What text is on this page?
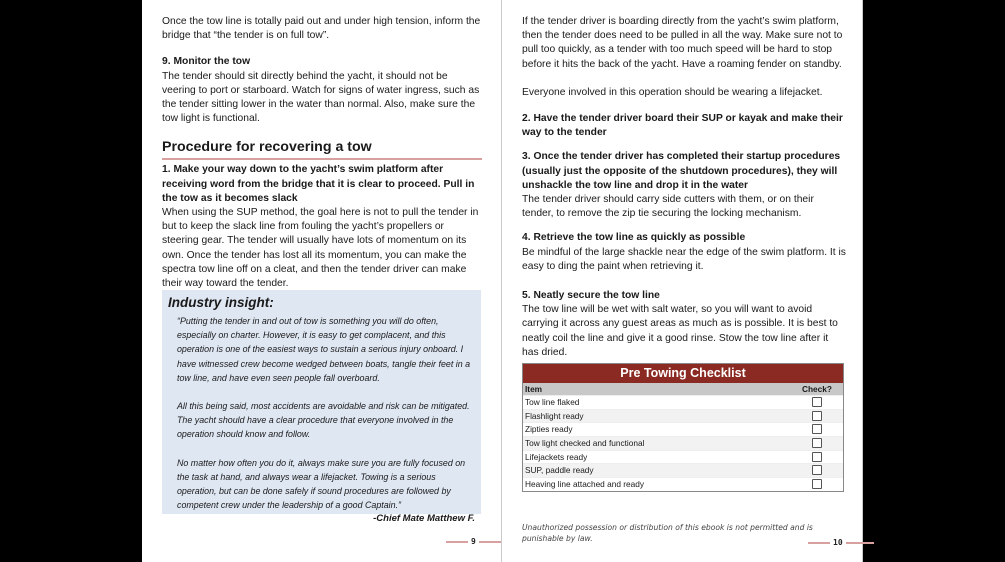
Once the tow line is totally paid out and under high tension, inform the bridge that “the tender is on full tow”.

9. Monitor the tow

The tender should sit directly behind the yacht, it should not be veering to port or starboard. Watch for signs of water ingress, such as the tender sitting lower in the water than normal. Also, make sure the tow light is functional.

Procedure for recovering a tow

1. Make your way down to the yacht’s swim platform after receiving word from the bridge that it is clear to proceed. Pull in the tow as it becomes slack

When using the SUP method, the goal here is not to pull the tender in but to keep the slack line from fouling the yacht’s propellers or steering gear. The tender will usually have lots of momentum on its own. Once the tender has lost all its momentum, you can make the spectra tow line off on a cleat, and then the tender driver can make their way toward the tender.

Industry insight:

“Putting the tender in and out of tow is something you will do often, especially on charter. However, it is easy to get complacent, and this operation is one of the easiest ways to sustain a serious injury onboard. I have witnessed crew become wedged between boats, tangle their feet in a tow line, and have even seen people fall overboard.

All this being said, most accidents are avoidable and risk can be mitigated. The yacht should have a clear procedure that everyone involved in the operation should know and follow.

No matter how often you do it, always make sure you are fully focused on the task at hand, and always wear a lifejacket. Towing is a serious operation, but can be done safely if sound procedures are followed by competent crew under the leadership of a good Captain.”

-Chief Mate Matthew F.
9

If the tender driver is boarding directly from the yacht’s swim platform, then the tender does need to be pulled in all the way. Make sure not to pull too quickly, as a tender with too much speed will be hard to stop before it hits the back of the yacht. Have a roaming fender on standby.

Everyone involved in this operation should be wearing a lifejacket.

2. Have the tender driver board their SUP or kayak and make their way to the tender

3. Once the tender driver has completed their startup procedures (usually just the opposite of the shutdown procedures), they will unshackle the tow line and drop it in the water

The tender driver should carry side cutters with them, or on their tender, to remove the zip tie securing the locking mechanism.

4. Retrieve the tow line as quickly as possible

Be mindful of the large shackle near the edge of the swim platform. It is easy to ding the paint when retrieving it.

5. Neatly secure the tow line

The tow line will be wet with salt water, so you will want to avoid carrying it across any guest areas as much as is possible. It is best to neatly coil the line and give it a good rinse. Stow the tow line after it has dried.

Pre Towing Checklist
Item	Check?
Tow line flaked
Flashlight ready
Zipties ready
Tow light checked and functional
Lifejackets ready
SUP, paddle ready
Heaving line attached and ready
Unauthorized possession or distribution of this ebook is not permitted and is punishable by law.	10
